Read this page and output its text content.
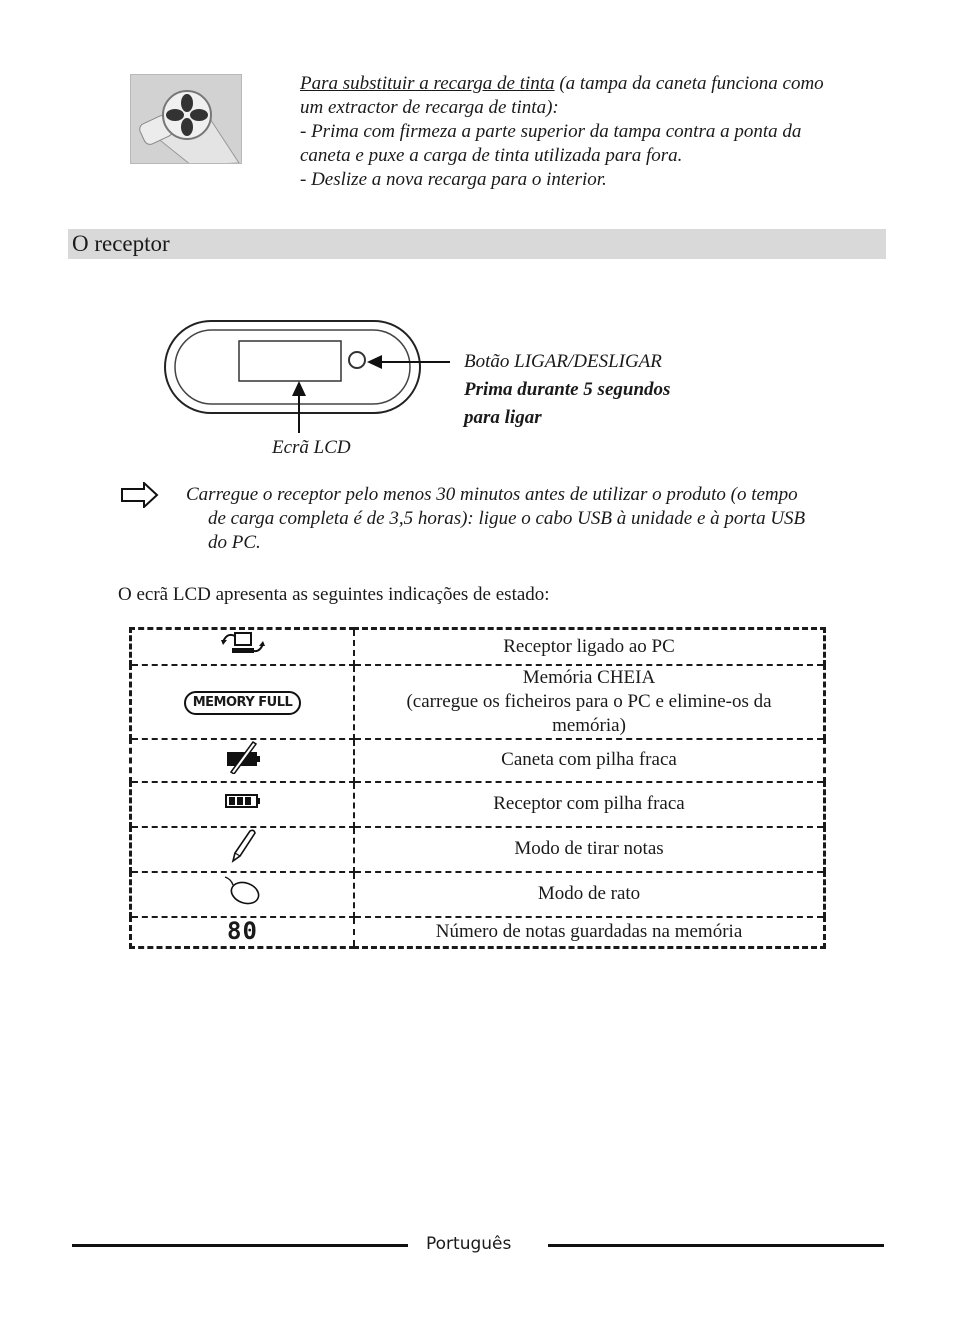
Para substituir a recarga de tinta (a tampa da caneta funciona como
um extractor de recarga de tinta):
- Prima com firmeza a parte superior da tampa contra a ponta da
caneta e puxe a carga de tinta utilizada para fora.
- Deslize a nova recarga para o interior.
O receptor
Botão LIGAR/DESLIGAR
Prima durante 5 segundos
para ligar
Ecrã LCD
Carregue o receptor pelo menos 30 minutos antes de utilizar o produto (o tempo
de carga completa é de 3,5 horas): ligue o cabo USB à unidade e à porta USB
do PC.
O ecrã LCD apresenta as seguintes indicações de estado:
	Receptor ligado ao PC
MEMORY FULL	Memória CHEIA
(carregue os ficheiros para o PC e elimine-os da
memória)

	Caneta com pilha fraca
	Receptor com pilha fraca
	Modo de tirar notas
	Modo de rato
80	Número de notas guardadas na memória
Português
